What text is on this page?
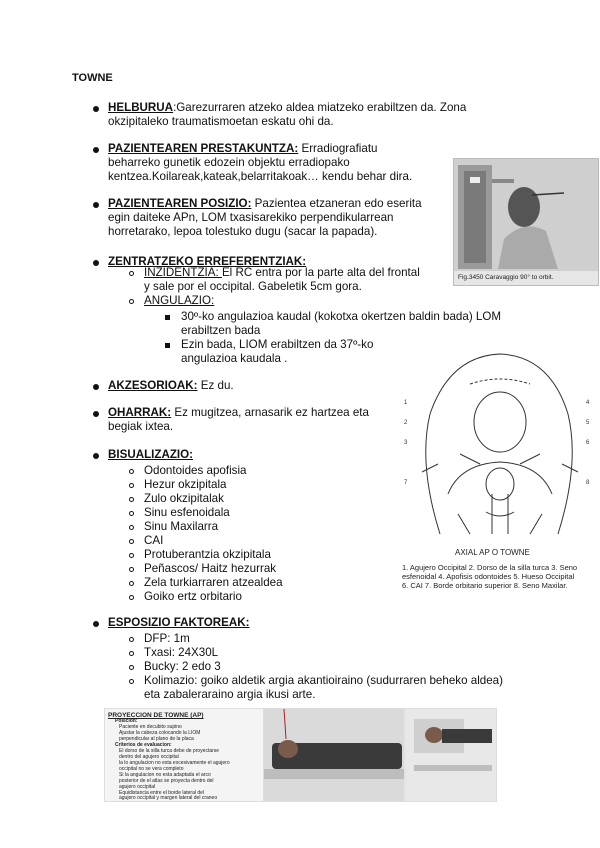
TOWNE
HELBURUA:Garezurraren atzeko aldea miatzeko erabiltzen da. Zona
okzipitaleko traumatismoetan eskatu ohi da.
PAZIENTEAREN PRESTAKUNTZA: Erradiografiatu
beharreko gunetik edozein objektu erradiopako
kentzea.Koilareak,kateak,belarritakoak… kendu behar dira.
PAZIENTEAREN POSIZIO: Pazientea etzaneran edo eserita
egin daiteke APn, LOM txasisarekiko perpendikularrean
horretarako, lepoa tolestuko dugu (sacar la papada).
Fig.3450 Caravaggio 90° to orbit.
ZENTRATZEKO ERREFERENTZIAK:
INZIDENTZIA: El RC entra por la parte alta del frontal
y sale por el occipital. Gabeletik 5cm gora.
ANGULAZIO:
30º-ko angulazioa kaudal (kokotxa okertzen baldin bada) LOM
erabiltzen bada
Ezin bada, LIOM erabiltzen da 37º-ko
angulazioa kaudala .
1
2
3
4
5
6
7	8
AXIAL AP O TOWNE
1. Agujero Occipital 2. Dorso de la silla turca 3. Seno
esfenoidal 4. Apofisis odontoides 5. Hueso Occipital
6. CAI 7. Borde orbitario superior 8. Seno Maxilar.
AKZESORIOAK: Ez du.
OHARRAK: Ez mugitzea, arnasarik ez hartzea eta
begiak ixtea.
BISUALIZAZIO:
Odontoides apofisia
Hezur okzipitala
Zulo okzipitalak
Sinu esfenoidala
Sinu Maxilarra
CAI
Protuberantzia okzipitala
Peñascos/ Haitz hezurrak
Zela turkiarraren atzealdea
Goiko ertz orbitario
ESPOSIZIO FAKTOREAK:
DFP: 1m
Txasi: 24X30L
Bucky: 2 edo 3
Kolimazio: goiko aldetik argia akantioiraino (sudurraren beheko aldea)
eta zabaleraraino argia ikusi arte.
PROYECCION DE TOWNE (AP)
Posicion:
Paciente en decubito supino
Ajustar la cabeza colocando la LIOM
perpendicular al plano de la placa
Criterios de evaluacion:
El dorso de la silla turca debe de proyectarse
dentro del agujero occipital
la lo angulacion no esta excesivamente el agujero
occipital no se vera completo
Si la angulacion no esta adaptada el arco
posterior de el atlas se proyecta dentro del
agujero occipital
Equidistancia entre el borde lateral del
agujero occipital y margen lateral del craneo
